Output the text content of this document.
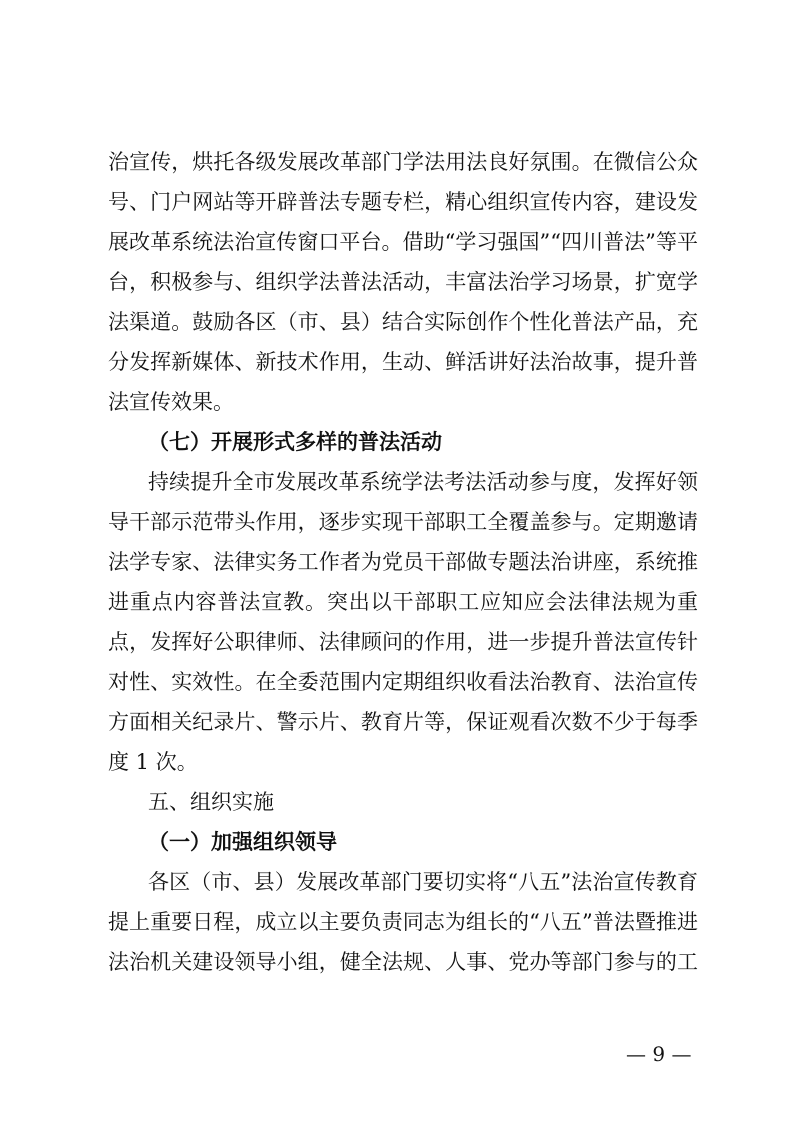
治宣传，烘托各级发展改革部门学法用法良好氛围。在微信公众
号、门户网站等开辟普法专题专栏，精心组织宣传内容，建设发
展改革系统法治宣传窗口平台。借助“学习强国”“四川普法”等平
台，积极参与、组织学法普法活动，丰富法治学习场景，扩宽学
法渠道。鼓励各区（市、县）结合实际创作个性化普法产品，充
分发挥新媒体、新技术作用，生动、鲜活讲好法治故事，提升普
法宣传效果。
（七）开展形式多样的普法活动
持续提升全市发展改革系统学法考法活动参与度，发挥好领
导干部示范带头作用，逐步实现干部职工全覆盖参与。定期邀请
法学专家、法律实务工作者为党员干部做专题法治讲座，系统推
进重点内容普法宣教。突出以干部职工应知应会法律法规为重
点，发挥好公职律师、法律顾问的作用，进一步提升普法宣传针
对性、实效性。在全委范围内定期组织收看法治教育、法治宣传
方面相关纪录片、警示片、教育片等，保证观看次数不少于每季
度 1 次。
五、组织实施
（一）加强组织领导
各区（市、县）发展改革部门要切实将“八五”法治宣传教育
提上重要日程，成立以主要负责同志为组长的“八五”普法暨推进
法治机关建设领导小组，健全法规、人事、党办等部门参与的工
— 9 —
